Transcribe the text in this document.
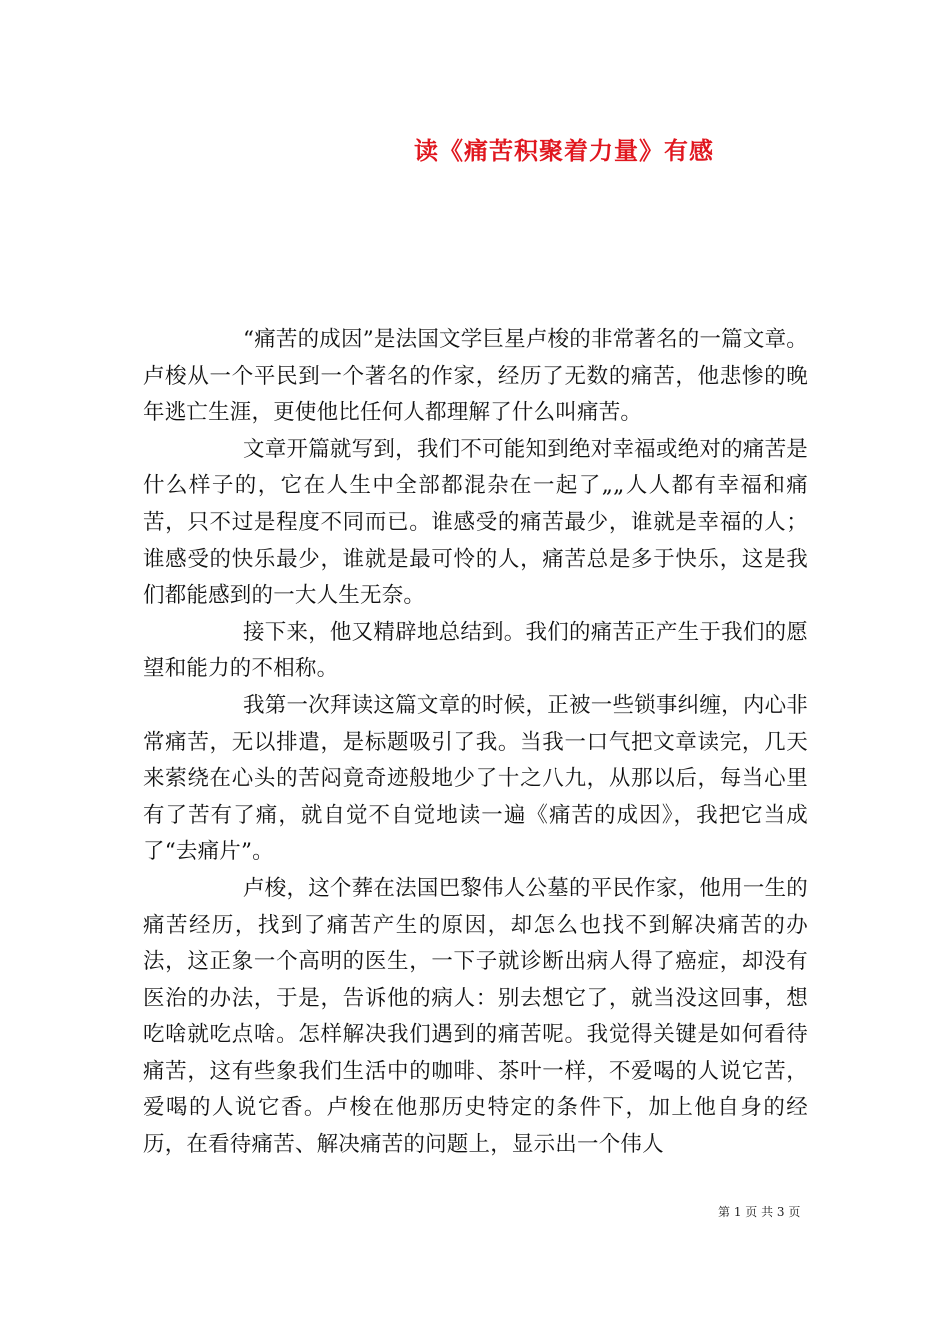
读《痛苦积聚着力量》有感

“痛苦的成因”是法国文学巨星卢梭的非常著名的一篇文章。卢梭从一个平民到一个著名的作家，经历了无数的痛苦，他悲惨的晚年逃亡生涯，更使他比任何人都理解了什么叫痛苦。

文章开篇就写到，我们不可能知到绝对幸福或绝对的痛苦是什么样子的，它在人生中全部都混杂在一起了„„人人都有幸福和痛苦，只不过是程度不同而已。谁感受的痛苦最少，谁就是幸福的人；谁感受的快乐最少，谁就是最可怜的人，痛苦总是多于快乐，这是我们都能感到的一大人生无奈。

接下来，他又精辟地总结到。我们的痛苦正产生于我们的愿望和能力的不相称。

我第一次拜读这篇文章的时候，正被一些锁事纠缠，内心非常痛苦，无以排遣，是标题吸引了我。当我一口气把文章读完，几天来萦绕在心头的苦闷竟奇迹般地少了十之八九，从那以后，每当心里有了苦有了痛，就自觉不自觉地读一遍《痛苦的成因》，我把它当成了“去痛片”。

卢梭，这个葬在法国巴黎伟人公墓的平民作家，他用一生的痛苦经历，找到了痛苦产生的原因，却怎么也找不到解决痛苦的办法，这正象一个高明的医生，一下子就诊断出病人得了癌症，却没有医治的办法，于是，告诉他的病人：别去想它了，就当没这回事，想吃啥就吃点啥。怎样解决我们遇到的痛苦呢。我觉得关键是如何看待痛苦，这有些象我们生活中的咖啡、茶叶一样，不爱喝的人说它苦，爱喝的人说它香。卢梭在他那历史特定的条件下，加上他自身的经历，在看待痛苦、解决痛苦的问题上，显示出一个伟人

第 1 页 共 3 页
